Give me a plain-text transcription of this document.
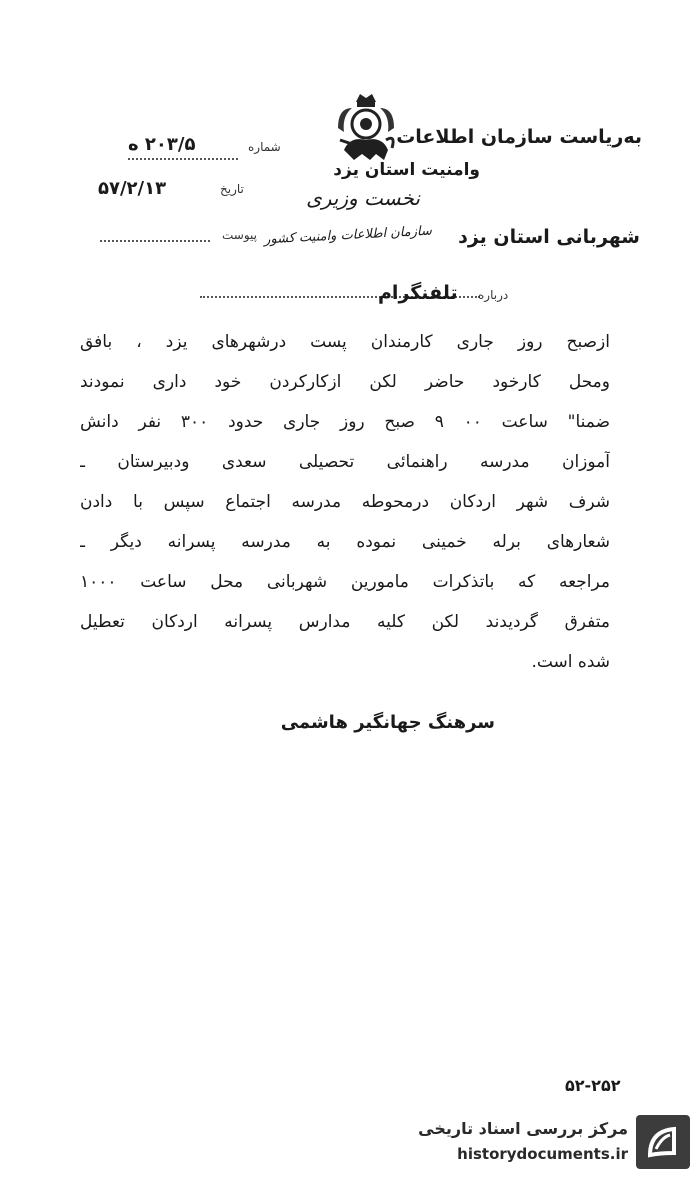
به‌ریاست سازمان اطلاعات
وامنیت استان یزد
نخست وزیری
شهربانی استان یزد
سازمان اطلاعات وامنیت کشور
شماره
۲۰۳/۵ ه
تاریخ
۵۷/۲/۱۳
پیوست
درباره
تلفنگرام
ازصبح روز جاری کارمندان پست درشهرهای یزد ، بافق
ومحل کارخود حاضر لکن ازکارکردن خود داری نمودند
ضمنا" ساعت ۰۰ ۹ صبح روز جاری حدود ۳۰۰ نفر دانش
آموزان مدرسه راهنمائی تحصیلی سعدی ودبیرستان ـ
شرف شهر اردکان درمحوطه مدرسه اجتماع سپس با دادن
شعارهای برله خمینی نموده به مدرسه پسرانه دیگر ـ
مراجعه که باتذکرات مامورین شهربانی محل ساعت ۱۰۰۰
متفرق گردیدند لکن کلیه مدارس پسرانه اردکان تعطیل
شده است.
سرهنگ جهانگیر هاشمی
۵۲-۲۵۲
مرکز بررسی اسناد تاریخی
historydocuments.ir
